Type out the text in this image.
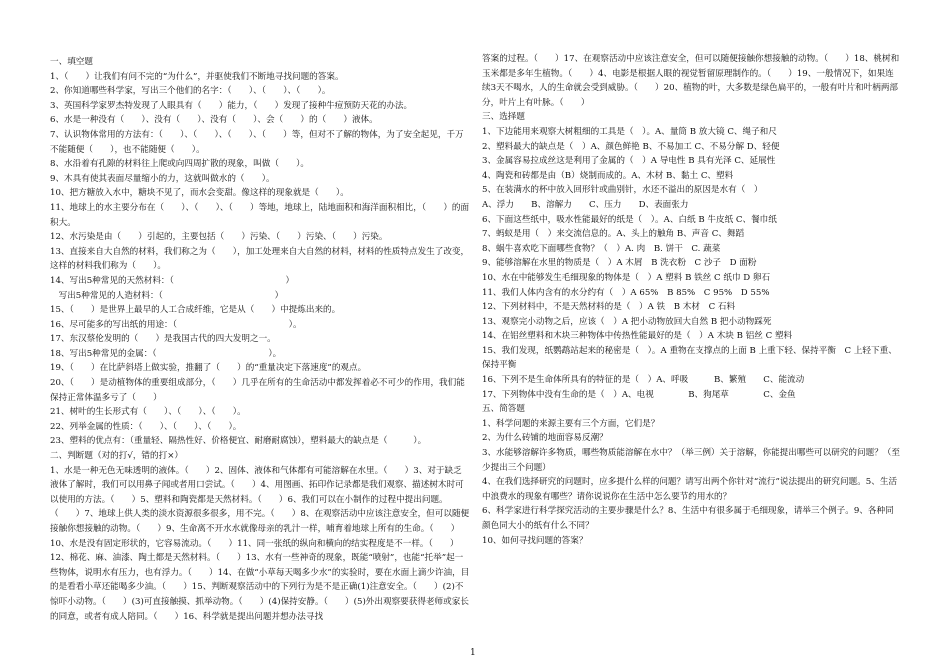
一、填空题

1、（　　）让我们有问不完的“为什么”，并驱使我们不断地寻找问题的答案。

2、你知道哪些科学家，写出三个他们的名字：（　　）、（　　）、（　　）。

3、英国科学家罗杰特发现了人眼具有（　　）能力，（　　）发现了接种牛痘预防天花的办法。

6、水是一种没有（　　）、没有（　　）、没有（　　）、会（　　）的（　　）液体。

7、认识物体常用的方法有：（　　）、（　　）、（　　）、（　　）等，但对不了解的物体，为了安全起见，千万不能随便（　　），也不能随便（　　）。

8、水沿着有孔隙的材料往上爬或向四周扩散的现象，叫做（　　）。

9、木具有使其表面尽量缩小的力，这就叫做水的（　　）。

10、把方糖放入水中，糖块不见了，而水会变甜。像这样的现象就是（　　）。

11、地球上的水主要分布在（　　）、（　　）、（　　）等地，地球上，陆地面积和海洋面积相比，（　　）的面积大。

12、水污染是由（　　）引起的，主要包括（　　）污染、（　　）污染、（　　）污染。

13、直接来自大自然的材料，我们称之为（　　），加工处理来自大自然的材料，材料的性质特点发生了改变，这样的材料我们称为（　　）。

14、写出5种常见的天然材料：（　　　　　　　　　　　　　）

　写出5种常见的人造材料：（　　　　　　　　　　　　　）

15、（　　）是世界上最早的人工合成纤维，它是从（　　）中提炼出来的。

16、尽可能多的写出纸的用途：（　　　　　　　　　　　　　）。

17、东汉蔡伦发明的（　　）是我国古代的四大发明之一。

18、写出5种常见的金属：（　　　　　　　　　　　　　）。

19、（　　）在比萨斜塔上做实验，推翻了（　　）的“重量决定下落速度”的观点。

20、（　　）是动植物体的重要组成部分，（　　）几乎在所有的生命活动中都发挥着必不可少的作用，我们能保持正常体温多亏了（　　）

21、树叶的生长形式有（　　）、（　　）、（　　）。

22、列举金属的性质：（　　）、（　　）、（　　）。

23、塑料的优点有：（重量轻、隔热性好、价格便宜、耐磨耐腐蚀），塑料最大的缺点是（　　　）。

二、判断题（对的打√，错的打×）

1、水是一种无色无味透明的液体。（　　）2、固体、液体和气体都有可能溶解在水里。（　　）3、对于缺乏液体了解时，我们可以用鼻子闻或者用口尝试。（　　）4、用图画、拓印作记录都是我们观察、描述树木时可以使用的方法。（　　）5、塑料和陶瓷都是天然材料。（　　）6、我们可以在小制作的过程中提出问题。（　　）7、地球上供人类的淡水资源很多很多，用不完。（　　）8、在观察活动中应该注意安全，但可以随便接触你想接触的动物。（　　）9、生命离不开水水就像母亲的乳汁一样，哺育着地球上所有的生命。（　　）10、水是没有固定形状的，它容易流动。（　　）11、同一张纸的纵向和横向的结实程度是不一样。（　　）12、棉花、麻、油漆、陶土都是天然材料。（　　）13、水有一些神奇的现象，既能“喷射”，也能“托举”起一些物体，说明水有压力，也有浮力。（　　）14、在做“小草每天喝多少水”的实验时，要在水面上滴少许油，目的是看看小草还能喝多少油。（　　）15、判断观察活动中的下列行为是不是正确(1)注意安全。（　　）(2)不惊吓小动物。（　　）(3)可直接触摸、抓举动物。（　　）(4)保持安静。（　　）(5)外出观察要获得老师或家长的同意，或者有成人陪同。（　　）16、科学就是提出问题并想办法寻找

答案的过程。（　　）17、在观察活动中应该注意安全，但可以随便接触你想接触的动物。（　　）18、桃树和玉米都是多年生植物。（　　）4、电影是根据人眼的视觉暂留原理制作的。（　　）19、一般情况下，如果连续3天不喝水，人的生命就会受到威胁。（　　）20、植物的叶，大多数是绿色扁平的，一般有叶片和叶柄两部分，叶片上有叶脉。（　　）

三、选择题

1、下边能用来观察大树粗细的工具是（　）。A、量筒 B 放大镜 C、绳子和尺

2、塑料最大的缺点是（　）A、颜色鲜艳 B、不易加工 C、不易分解 D、轻便

3、金属容易拉成丝这是利用了金属的（　）A 导电性 B 具有光泽 C、延展性

4、陶瓷和砖都是由（B）烧制而成的。A、木材 B、黏土 C、塑料

5、在装满水的杯中放入回形针或曲别针，水还不溢出的原因是水有（　）

A、浮力　　B、溶解力　　C、压力　　D、表面张力

6、下面这些纸中，吸水性能最好的纸是（　）。A、白纸 B 牛皮纸 C、餐巾纸

7、蚂蚁是用（　）来交流信息的。A、头上的触角 B、声音 C、舞蹈

8、蜗牛喜欢吃下面哪些食物？（　）A. 肉　B. 饼干　C. 蔬菜

9、能够溶解在水里的物质是（　）A 木屑　B 洗衣粉　C 沙子　D 面粉

10、水在中能够发生毛细现象的物体是（　）A 塑料 B 铁丝 C 纸巾 D 卵石

11、我们人体内含有的水分约有（　）A 65%　B 85%　C 95%　D 55%

12、下列材料中，不是天然材料的是（　）A 铁　B 木材　C 石料

13、观察完小动物之后，应该（　）A 把小动物放回大自然 B 把小动物踩死

14、在铝丝塑料和木块三种物体中传热性能最好的是（　）A 木块 B 铝丝 C 塑料

15、我们发现，纸鹦鹉站起来的秘密是（　）。A 重物在支撑点的上面 B 上重下轻、保持平衡　C 上轻下重、保持平衡

16、下列不是生命体所具有的特征的是（　）A、呼吸　　　B、繁殖　　C、能流动

17、下列物体中没有生命的是（　）A、电视　　　　B、狗尾草　　　　C、金鱼

五、简答题

1、科学问题的来源主要有三个方面，它们是？

2、为什么砖铺的地面容易反潮？

3、水能够溶解许多物质，哪些物质能溶解在水中？（举三例）关于溶解，你能提出哪些可以研究的问题？（至少提出三个问题）

4、在我们选择研究的问题时，应多提什么样的问题？请写出两个你针对“流行”说法提出的研究问题。5、生活中浪费水的现象有哪些？请你说说你在生活中怎么要节约用水的？

6、科学家进行科学探究活动的主要步骤是什么？8、生活中有很多属于毛细现象，请举三个例子。9、各种同颜色同大小的纸有什么不同？

10、如何寻找问题的答案？

1
